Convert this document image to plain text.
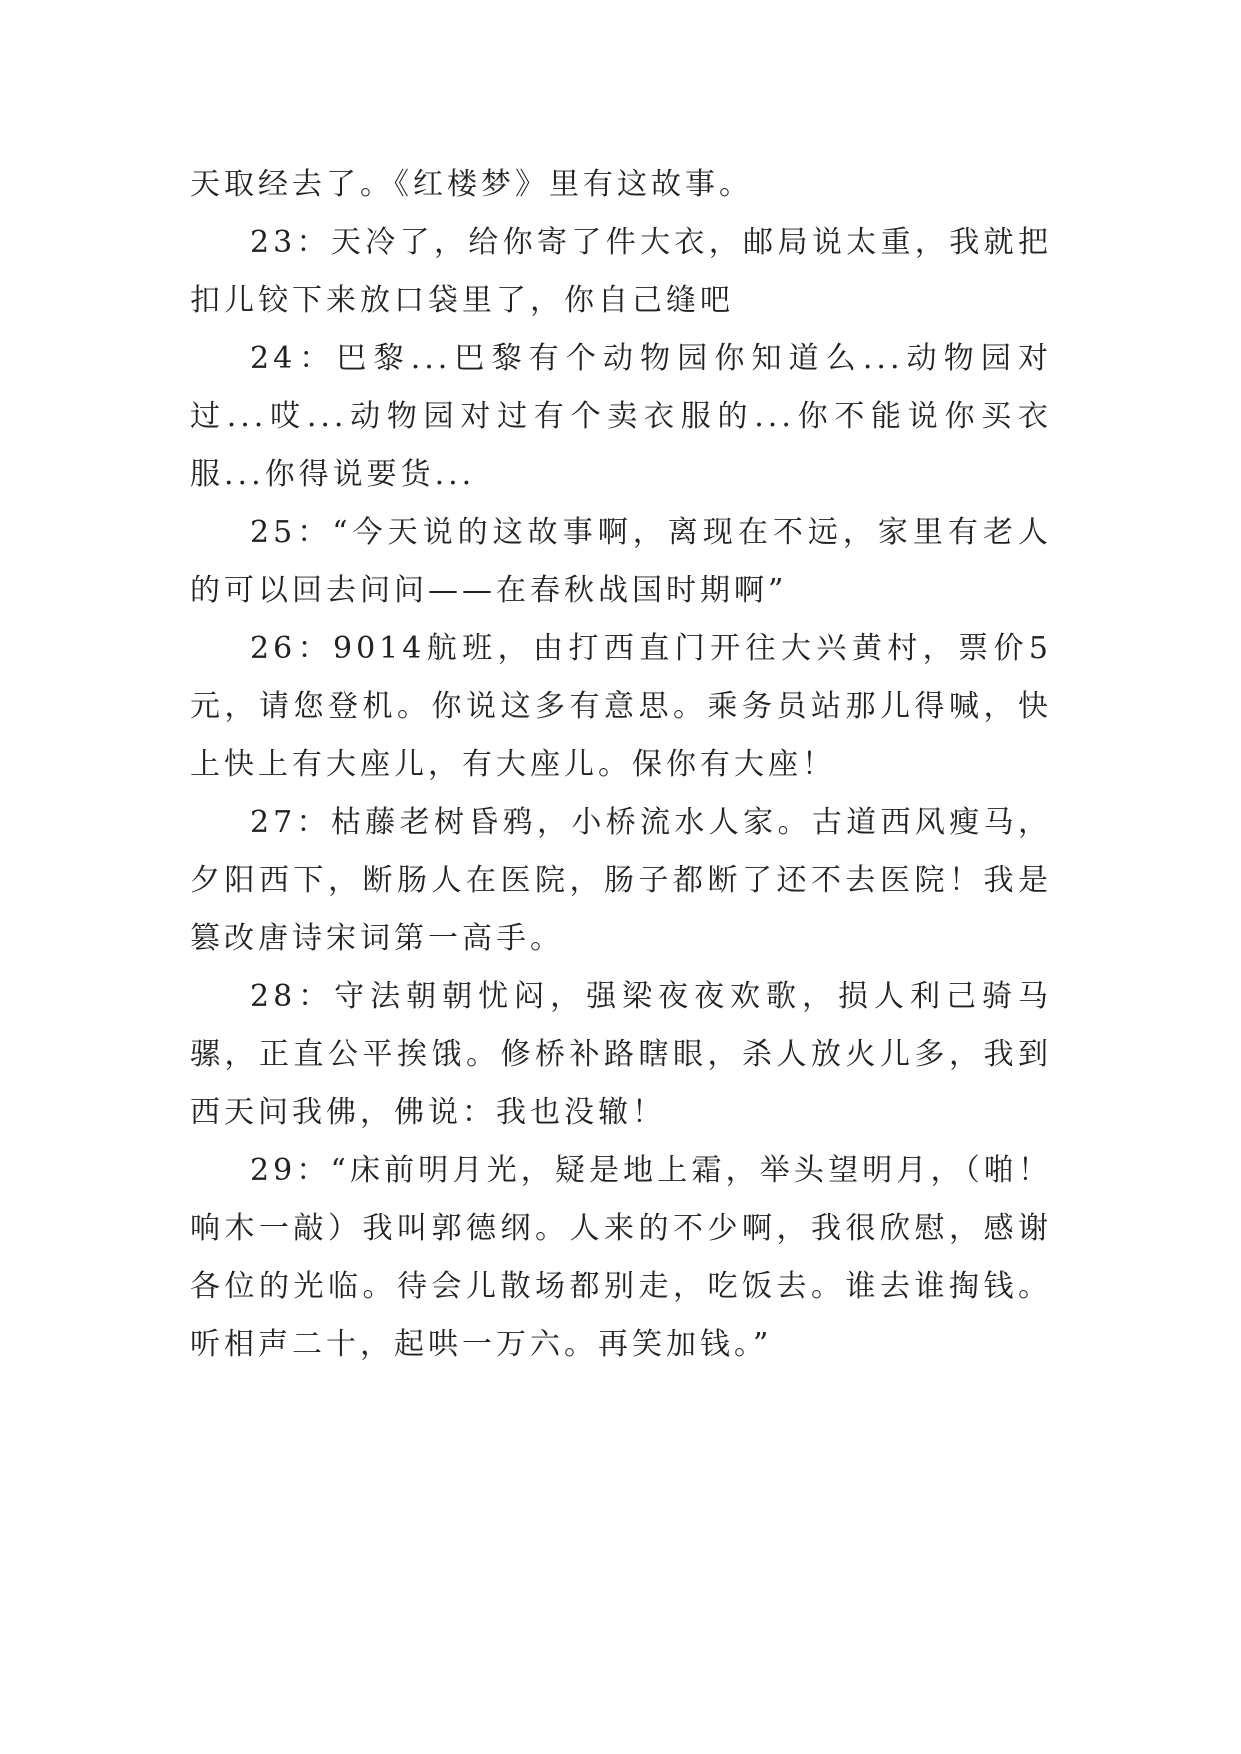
天取经去了。《红楼梦》里有这故事。

23：天冷了，给你寄了件大衣，邮局说太重，我就把扣儿铰下来放口袋里了，你自己缝吧

24：巴黎...巴黎有个动物园你知道么...动物园对过...哎...动物园对过有个卖衣服的...你不能说你买衣服...你得说要货...

25：“今天说的这故事啊，离现在不远，家里有老人的可以回去问问——在春秋战国时期啊”

26：9014航班，由打西直门开往大兴黄村，票价5元，请您登机。你说这多有意思。乘务员站那儿得喊，快上快上有大座儿，有大座儿。保你有大座！

27：枯藤老树昏鸦，小桥流水人家。古道西风瘦马，夕阳西下，断肠人在医院，肠子都断了还不去医院！我是篡改唐诗宋词第一高手。

28：守法朝朝忧闷，强梁夜夜欢歌，损人利己骑马骡，正直公平挨饿。修桥补路瞎眼，杀人放火儿多，我到西天问我佛，佛说：我也没辙！

29：“床前明月光，疑是地上霜，举头望明月，（啪！响木一敲）我叫郭德纲。人来的不少啊，我很欣慰，感谢各位的光临。待会儿散场都别走，吃饭去。谁去谁掏钱。听相声二十，起哄一万六。再笑加钱。”
